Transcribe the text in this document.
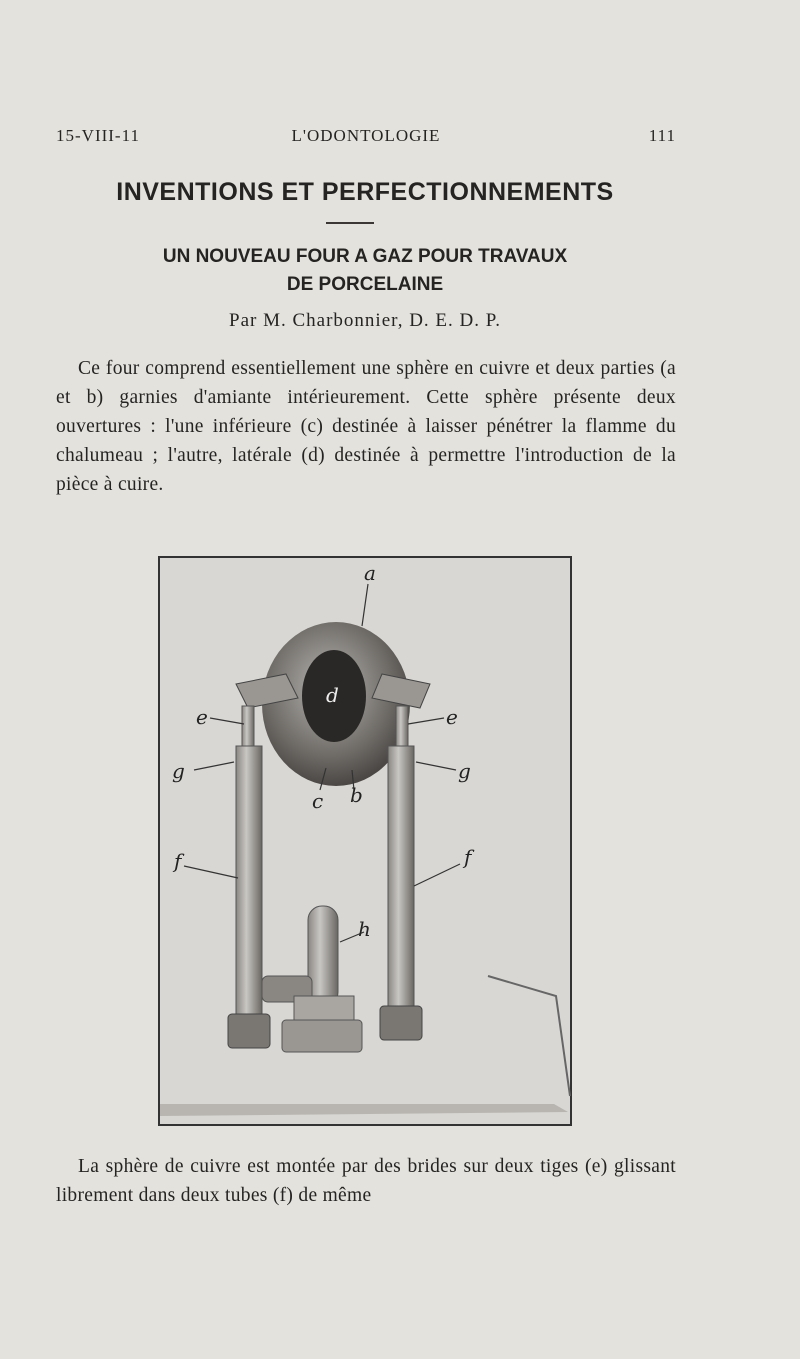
15-VIII-11	L'ODONTOLOGIE	111
INVENTIONS ET PERFECTIONNEMENTS
UN NOUVEAU FOUR A GAZ POUR TRAVAUX
DE PORCELAINE
Par M. Charbonnier, D. E. D. P.
Ce four comprend essentiellement une sphère en cuivre et deux parties (a et b) garnies d'amiante intérieurement. Cette sphère présente deux ouvertures : l'une inférieure (c) destinée à laisser pénétrer la flamme du chalumeau ; l'autre, latérale (d) destinée à permettre l'introduction de la pièce à cuire.
a
d
e	e
g	g
c b
f	f
h
La sphère de cuivre est montée par des brides sur deux tiges (e) glissant librement dans deux tubes (f) de même
